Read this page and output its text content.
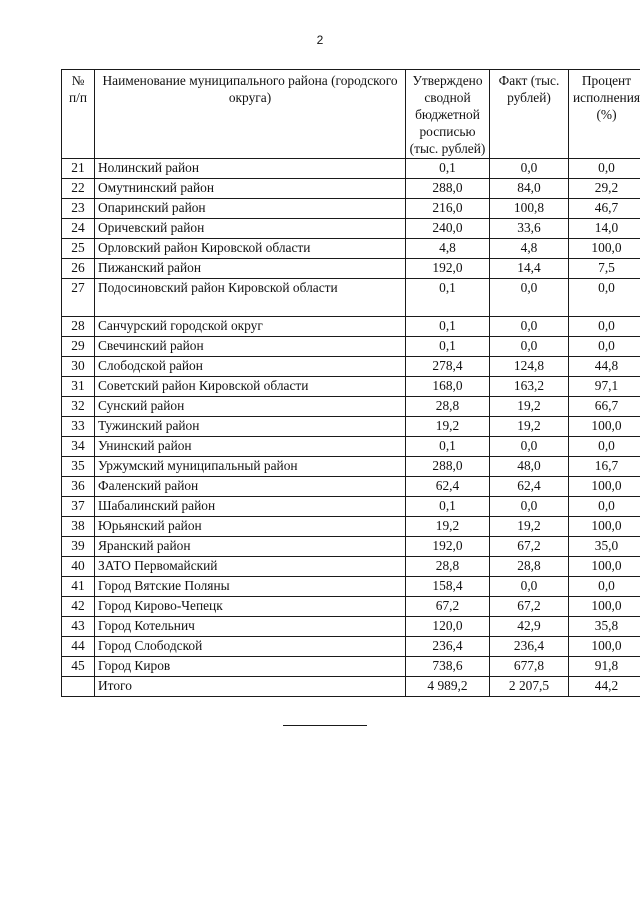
2
№ п/п	Наименование муниципального района (городского округа)	Утверждено сводной бюджетной росписью (тыс. рублей)	Факт (тыс. рублей)	Процент исполнения (%)
21	Нолинский район	0,1	0,0	0,0
22	Омутнинский район	288,0	84,0	29,2
23	Опаринский район	216,0	100,8	46,7
24	Оричевский район	240,0	33,6	14,0
25	Орловский район Кировской области	4,8	4,8	100,0
26	Пижанский район	192,0	14,4	7,5
27	Подосиновский район Кировской области	0,1	0,0	0,0
28	Санчурский городской округ	0,1	0,0	0,0
29	Свечинский район	0,1	0,0	0,0
30	Слободской район	278,4	124,8	44,8
31	Советский район Кировской области	168,0	163,2	97,1
32	Сунский район	28,8	19,2	66,7
33	Тужинский район	19,2	19,2	100,0
34	Унинский район	0,1	0,0	0,0
35	Уржумский муниципальный район	288,0	48,0	16,7
36	Фаленский район	62,4	62,4	100,0
37	Шабалинский район	0,1	0,0	0,0
38	Юрьянский район	19,2	19,2	100,0
39	Яранский район	192,0	67,2	35,0
40	ЗАТО Первомайский	28,8	28,8	100,0
41	Город Вятские Поляны	158,4	0,0	0,0
42	Город Кирово-Чепецк	67,2	67,2	100,0
43	Город Котельнич	120,0	42,9	35,8
44	Город Слободской	236,4	236,4	100,0
45	Город Киров	738,6	677,8	91,8
	Итого	4 989,2	2 207,5	44,2
